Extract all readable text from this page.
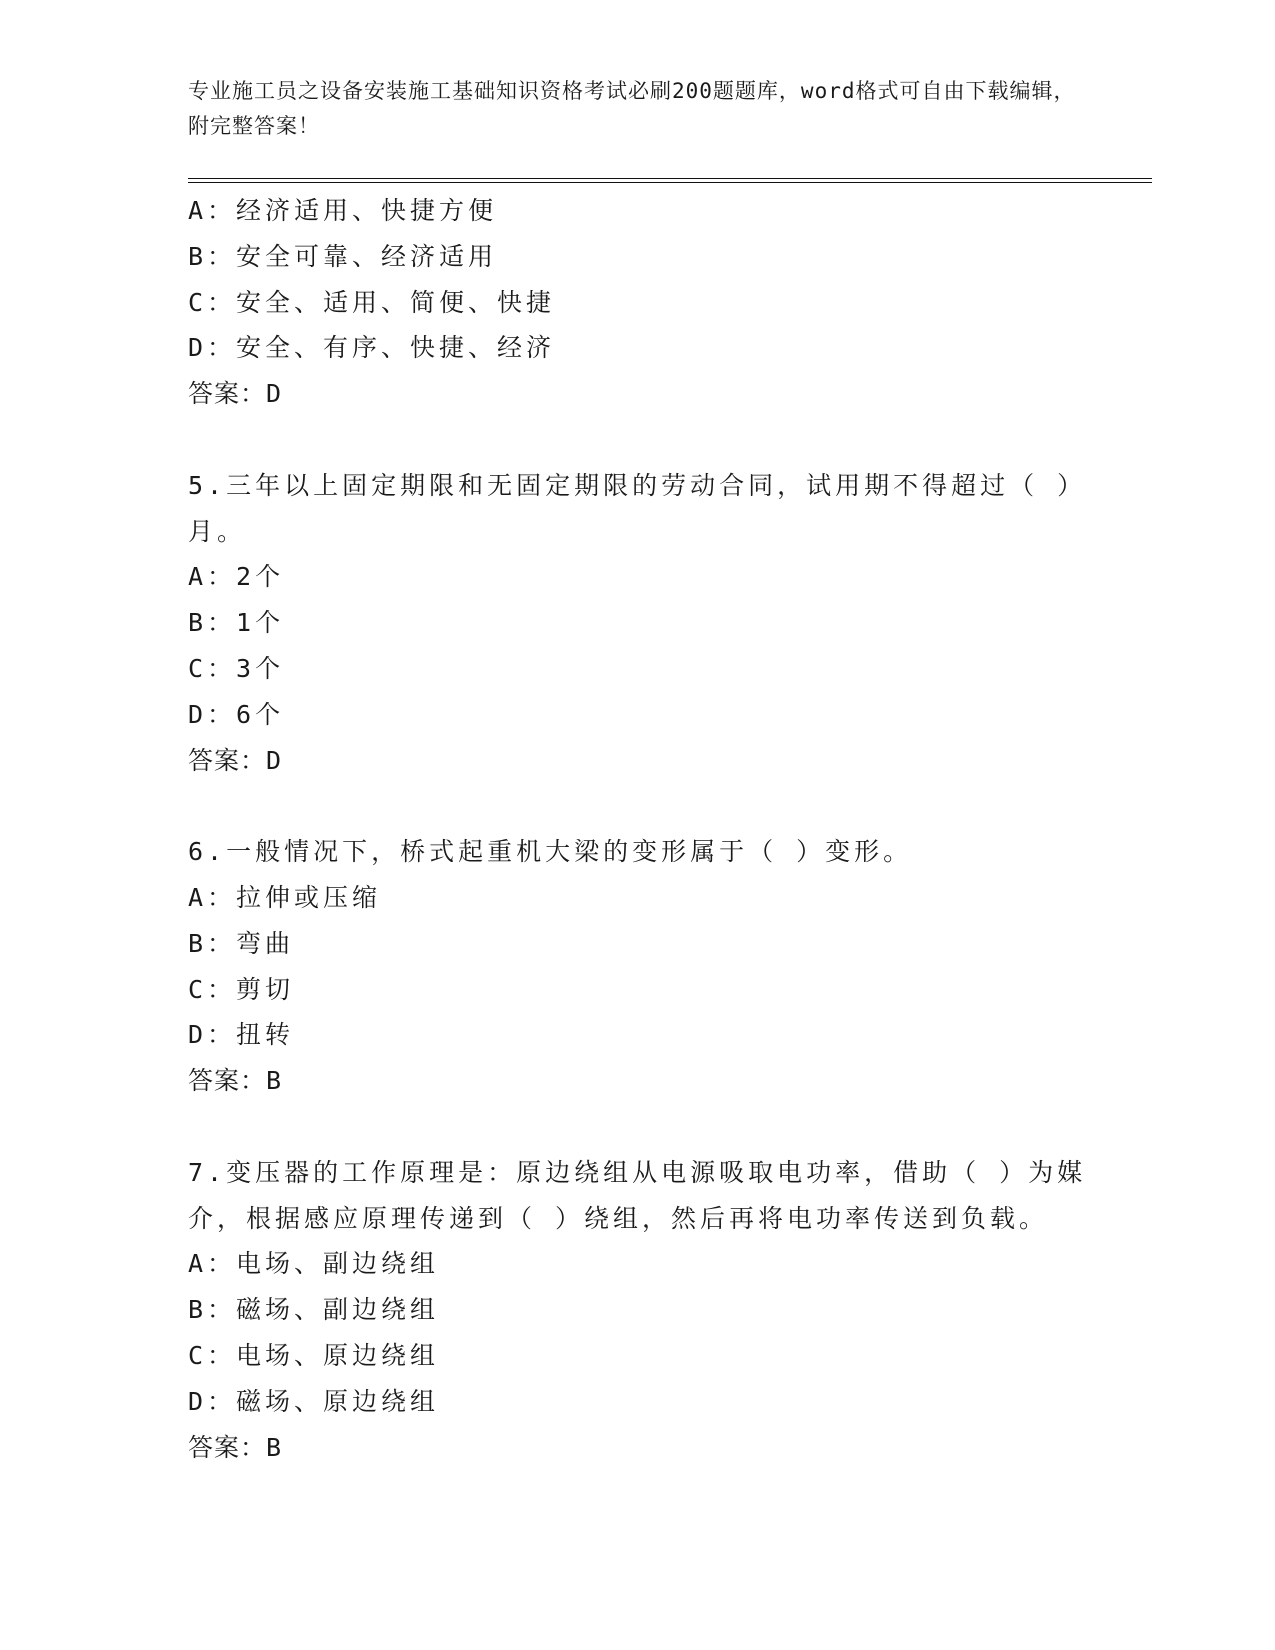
专业施工员之设备安装施工基础知识资格考试必刷200题题库，word格式可自由下载编辑，附完整答案！

A：经济适用、快捷方便
B：安全可靠、经济适用
C：安全、适用、简便、快捷
D：安全、有序、快捷、经济
答案：D

5.三年以上固定期限和无固定期限的劳动合同，试用期不得超过（ ）月。

A：2个
B：1个
C：3个
D：6个
答案：D

6.一般情况下，桥式起重机大梁的变形属于（ ）变形。

A：拉伸或压缩
B：弯曲
C：剪切
D：扭转
答案：B

7.变压器的工作原理是：原边绕组从电源吸取电功率，借助（ ）为媒介，根据感应原理传递到（ ）绕组，然后再将电功率传送到负载。

A：电场、副边绕组
B：磁场、副边绕组
C：电场、原边绕组
D：磁场、原边绕组
答案：B
